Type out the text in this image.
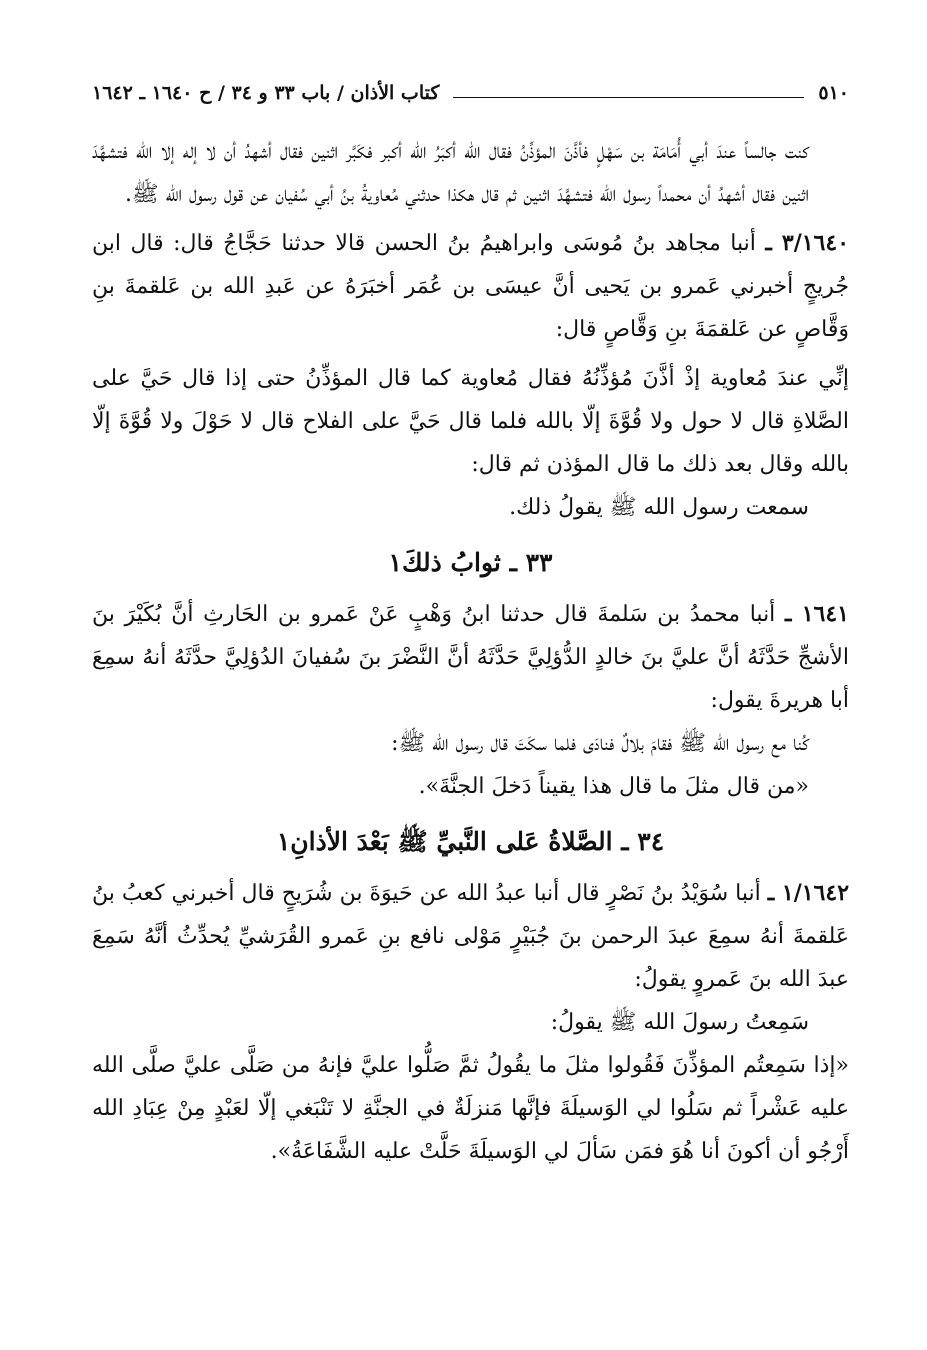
٥١٠
كتاب الأذان / باب ٣٣ و ٣٤ / ح ١٦٤٠ ـ ١٦٤٢

كنت جالساً عندَ أبي أُمَامَة بن سَهْلٍ فأذَّنَ المؤذِّنُ فقال الله أكبَرُ الله أكبر فكَبَّر اثنين فقال أشهدُ أن لا إله إلا الله فتشهَّدَ اثنين فقال أشهدُ أن محمداً رسول الله فتشهَّدَ اثنين ثم قال هكذا حدثني مُعاويةُ بنُ أبي سُفيان عن قول رسول الله ﷺ.

٣/١٦٤٠ ـ أنبا مجاهد بنُ مُوسَى وابراهيمُ بنُ الحسن قالا حدثنا حَجَّاجُ قال: قال ابن جُريجٍ أخبرني عَمرو بن يَحيى أنَّ عيسَى بن عُمَر أخبَرَهُ عن عَبدِ الله بن عَلقمةَ بنِ وَقَّاصٍ عن عَلقمَةَ بنِ وَقَّاصٍ قال:

إنِّي عندَ مُعاوية إذْ أذَّنَ مُؤذِّنُهُ فقال مُعاوية كما قال المؤذِّنُ حتى إذا قال حَيَّ على الصَّلاةِ قال لا حول ولا قُوَّةَ إلّا بالله فلما قال حَيَّ على الفلاح قال لا حَوْلَ ولا قُوَّةَ إلّا بالله وقال بعد ذلك ما قال المؤذن ثم قال:

سمعت رسول الله ﷺ يقولُ ذلك.

٣٣ ـ ثوابُ ذلكَ١

١٦٤١ ـ أنبا محمدُ بن سَلمةَ قال حدثنا ابنُ وَهْبٍ عَنْ عَمرو بن الحَارثِ أنَّ بُكَيْرَ بنَ الأشجِّ حَدَّثَهُ أنَّ عليَّ بنَ خالدٍ الدُّؤلِيَّ حَدَّثَهُ أنَّ النَّضْرَ بنَ سُفيانَ الدُؤلِيَّ حدَّثَهُ أنهُ سمِعَ أبا هريرةَ يقول:

كُنا مع رسول الله ﷺ فقامَ بلالٌ فنادَى فلما سكَتَ قال رسول الله ﷺ:

«من قال مثلَ ما قال هذا يقيناً دَخلَ الجنَّةَ».

٣٤ ـ الصَّلاةُ عَلى النَّبيِّ ﷺ بَعْدَ الأذانِ١

١/١٦٤٢ ـ أنبا سُوَيْدُ بنُ نَصْرٍ قال أنبا عبدُ الله عن حَيوَةَ بن شُرَيحٍ قال أخبرني كعبُ بنُ عَلقمةَ أنهُ سمِعَ عبدَ الرحمن بنَ جُبَيْرٍ مَوْلى نافع بنِ عَمرو القُرَشيِّ يُحدِّثُ أنَّهُ سَمِعَ عبدَ الله بنَ عَمروٍ يقولُ:

سَمِعتُ رسولَ الله ﷺ يقولُ:

«إذا سَمِعتُم المؤذِّنَ فَقُولوا مثلَ ما يقُولُ ثمَّ صَلُّوا عليَّ فإنهُ من صَلَّى عليَّ صلَّى الله عليه عَشْراً ثم سَلُوا لي الوَسيلَةَ فإنَّها مَنزلَةٌ في الجنَّةِ لا تَنْبَغي إلّا لعَبْدٍ مِنْ عِبَادِ الله أَرْجُو أن أكونَ أنا هُوَ فمَن سَألَ لي الوَسيلَةَ حَلَّتْ عليه الشَّفَاعَةُ».
